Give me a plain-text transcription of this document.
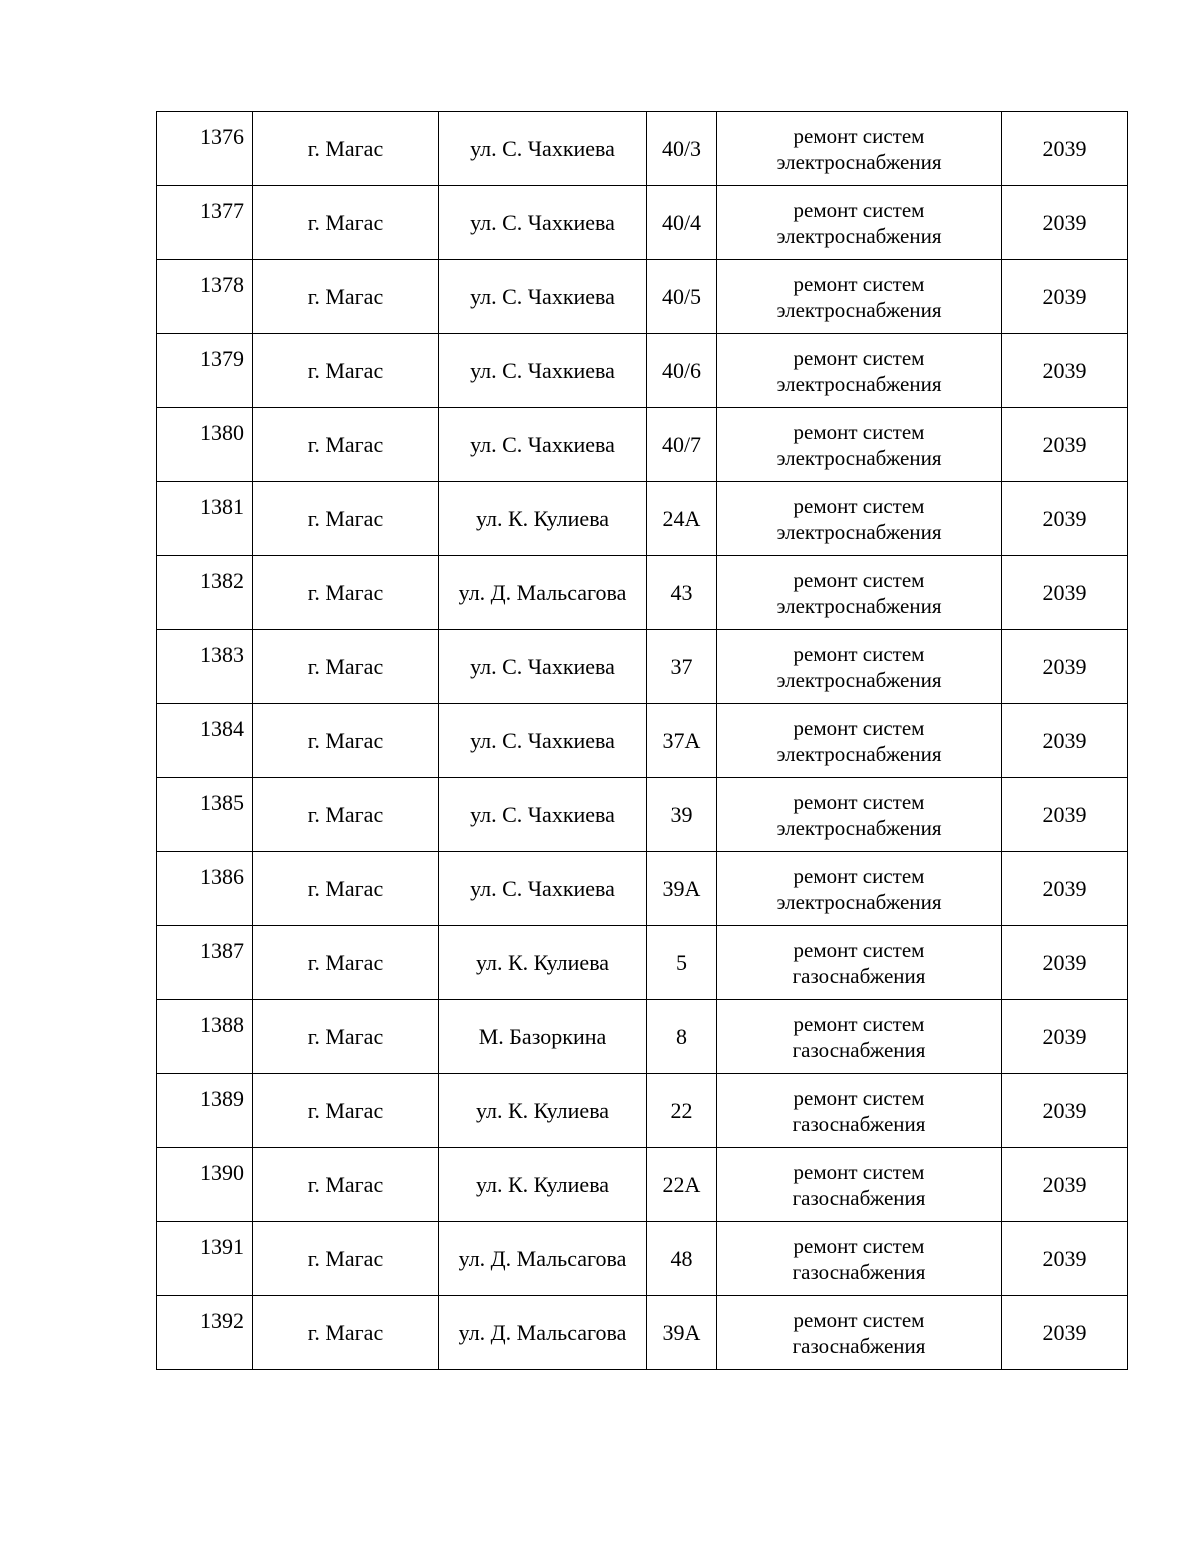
1376	г. Магас	ул. С. Чахкиева	40/3	ремонт систем
электроснабжения	2039
1377	г. Магас	ул. С. Чахкиева	40/4	ремонт систем
электроснабжения	2039
1378	г. Магас	ул. С. Чахкиева	40/5	ремонт систем
электроснабжения	2039
1379	г. Магас	ул. С. Чахкиева	40/6	ремонт систем
электроснабжения	2039
1380	г. Магас	ул. С. Чахкиева	40/7	ремонт систем
электроснабжения	2039
1381	г. Магас	ул. К. Кулиева	24А	ремонт систем
электроснабжения	2039
1382	г. Магас	ул. Д. Мальсагова	43	ремонт систем
электроснабжения	2039
1383	г. Магас	ул. С. Чахкиева	37	ремонт систем
электроснабжения	2039
1384	г. Магас	ул. С. Чахкиева	37А	ремонт систем
электроснабжения	2039
1385	г. Магас	ул. С. Чахкиева	39	ремонт систем
электроснабжения	2039
1386	г. Магас	ул. С. Чахкиева	39А	ремонт систем
электроснабжения	2039
1387	г. Магас	ул. К. Кулиева	5	ремонт систем
газоснабжения	2039
1388	г. Магас	М. Базоркина	8	ремонт систем
газоснабжения	2039
1389	г. Магас	ул. К. Кулиева	22	ремонт систем
газоснабжения	2039
1390	г. Магас	ул. К. Кулиева	22А	ремонт систем
газоснабжения	2039
1391	г. Магас	ул. Д. Мальсагова	48	ремонт систем
газоснабжения	2039
1392	г. Магас	ул. Д. Мальсагова	39А	ремонт систем
газоснабжения	2039
